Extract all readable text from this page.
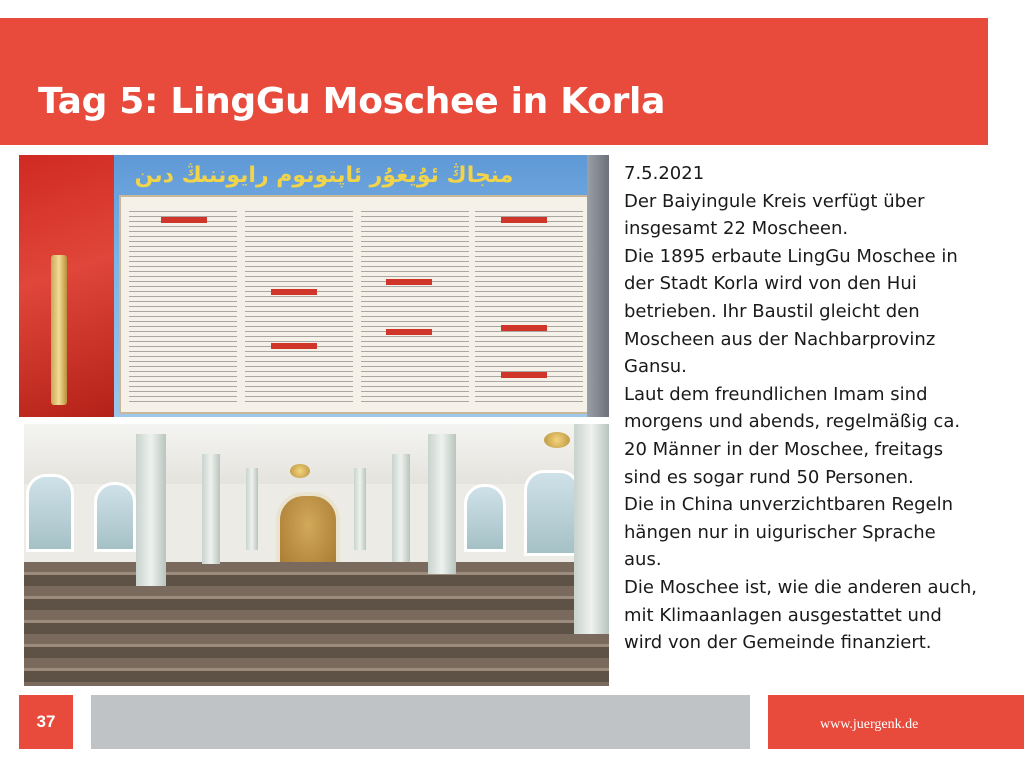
Tag 5: LingGu Moschee in Korla
ﻣﻨﺠﺎڭ ﺋﯘﻳﻐﯘﺭ ﺋﺎﭘﺘﻮﻧﻮﻡ ﺭﺍﻳﻮﻧﻨﯩﯔ ﺩﯨﻦ	7.5.2021
Der Baiyingule Kreis verfügt über
insgesamt 22 Moscheen.
Die 1895 erbaute LingGu Moschee in
der Stadt Korla wird von den Hui
betrieben. Ihr Baustil gleicht den
Moscheen aus der Nachbarprovinz
Gansu.
Laut dem freundlichen Imam sind
morgens und abends, regelmäßig ca.
20 Männer in der Moschee, freitags
sind es sogar rund 50 Personen.
Die in China unverzichtbaren Regeln
hängen nur in uigurischer Sprache
aus.
Die Moschee ist, wie die anderen auch,
mit Klimaanlagen ausgestattet und
wird von der Gemeinde finanziert.
37	www.juergenk.de
